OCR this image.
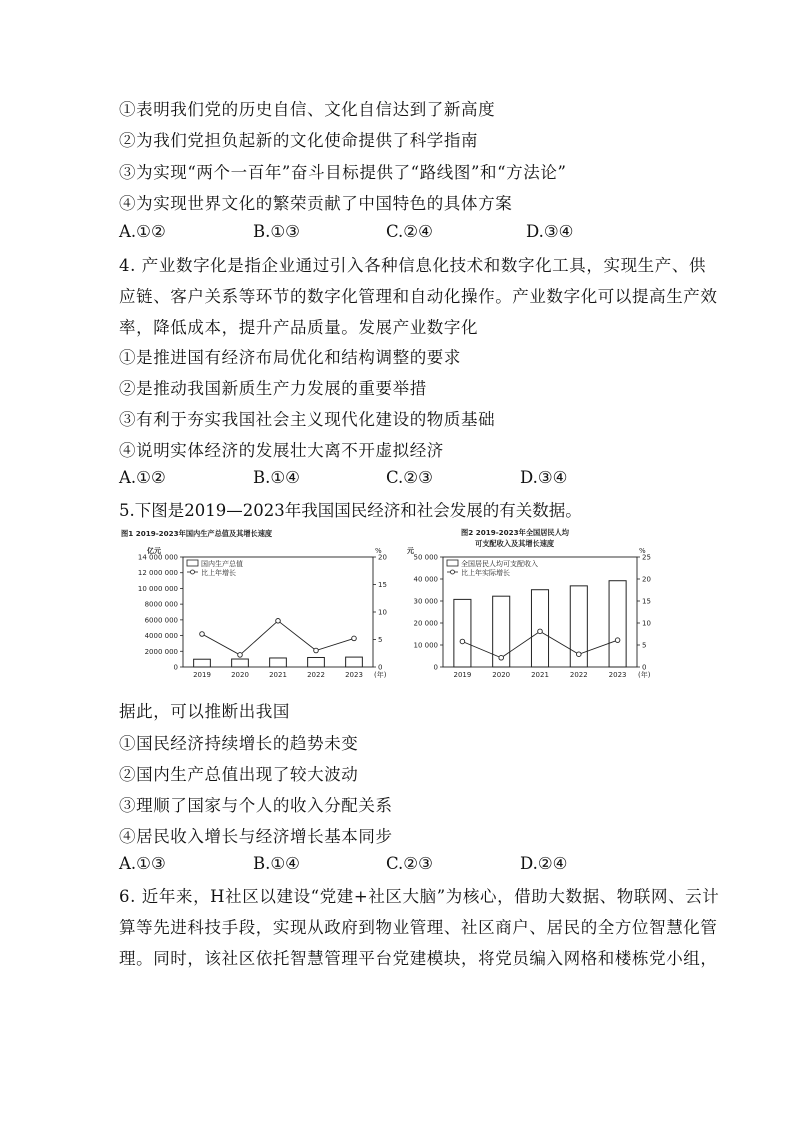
①表明我们党的历史自信、文化自信达到了新高度
②为我们党担负起新的文化使命提供了科学指南
③为实现“两个一百年”奋斗目标提供了“路线图”和“方法论”
④为实现世界文化的繁荣贡献了中国特色的具体方案
A.①②	B.①③	C.②④	D.③④
4. 产业数字化是指企业通过引入各种信息化技术和数字化工具，实现生产、供
应链、客户关系等环节的数字化管理和自动化操作。产业数字化可以提高生产效
率，降低成本，提升产品质量。发展产业数字化
①是推进国有经济布局优化和结构调整的要求
②是推动我国新质生产力发展的重要举措
③有利于夯实我国社会主义现代化建设的物质基础
④说明实体经济的发展壮大离不开虚拟经济
A.①②	B.①④	C.②③	D.③④
5.下图是2019—2023年我国国民经济和社会发展的有关数据。
图1 2019-2023年国内生产总值及其增长速度
亿元	%
0
2000 000
4000 000
6000 000
8000 000
10 000 000
12 000 000
14 000 000
0
5
10
15
20
2019	2020	2021	2022	2023 (年)
国内生产总值
比上年增长
图2 2019-2023年全国居民人均
可支配收入及其增长速度
元	%
0
10 000
20 000
30 000
40 000
50 000
0
5
10
15
20
25
2019	2020	2021	2022	2023 (年)
全国居民人均可支配收入
比上年实际增长
据此，可以推断出我国
①国民经济持续增长的趋势未变
②国内生产总值出现了较大波动
③理顺了国家与个人的收入分配关系
④居民收入增长与经济增长基本同步
A.①③	B.①④	C.②③	D.②④
6. 近年来，H社区以建设“党建+社区大脑”为核心，借助大数据、物联网、云计
算等先进科技手段，实现从政府到物业管理、社区商户、居民的全方位智慧化管
理。同时，该社区依托智慧管理平台党建模块，将党员编入网格和楼栋党小组，
